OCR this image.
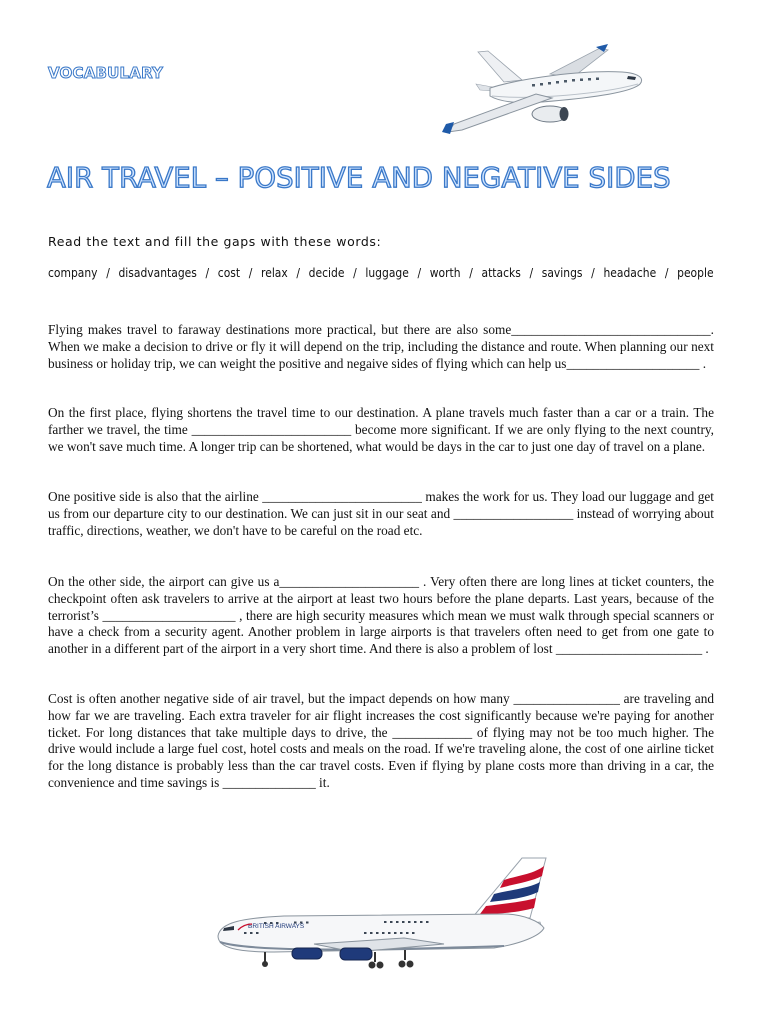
VOCABULARY
AIR TRAVEL – POSITIVE AND NEGATIVE SIDES
Read the text and fill the gaps with these words:
company / disadvantages / cost / relax / decide / luggage / worth / attacks / savings / headache / people

Flying makes travel to faraway destinations more practical, but there are also some______________________________. When we make a decision to drive or fly it will depend on the trip, including the distance and route. When planning our next business or holiday trip, we can weight the positive and negaive sides of flying which can help us____________________ .

On the first place, flying shortens the travel time to our destination. A plane travels much faster than a car or a train. The farther we travel, the time ________________________ become more significant. If we are only flying to the next country, we won't save much time. A longer trip can be shortened, what would be days in the car to just one day of travel on a plane.

One positive side is also that the airline ________________________ makes the work for us. They load our luggage and get us from our departure city to our destination. We can just sit in our seat and __________________ instead of worrying about traffic, directions, weather, we don't have to be careful on the road etc.

On the other side, the airport can give us a_____________________ . Very often there are long lines at ticket counters, the checkpoint often ask travelers to arrive at the airport at least two hours before the plane departs. Last years, because of the terrorist’s ____________________ , there are high security measures which mean we must walk through special scanners or have a check from a security agent. Another problem in large airports is that travelers often need to get from one gate to another in a different part of the airport in a very short time. And there is also a problem of lost ______________________ .

Cost is often another negative side of air travel, but the impact depends on how many ________________ are traveling and how far we are traveling. Each extra traveler for air flight increases the cost significantly because we're paying for another ticket. For long distances that take multiple days to drive, the ____________ of flying may not be too much higher. The drive would include a large fuel cost, hotel costs and meals on the road. If we're traveling alone, the cost of one airline ticket for the long distance is probably less than the car travel costs. Even if flying by plane costs more than driving in a car, the convenience and time savings is ______________ it.

BRITISH AIRWAYS
